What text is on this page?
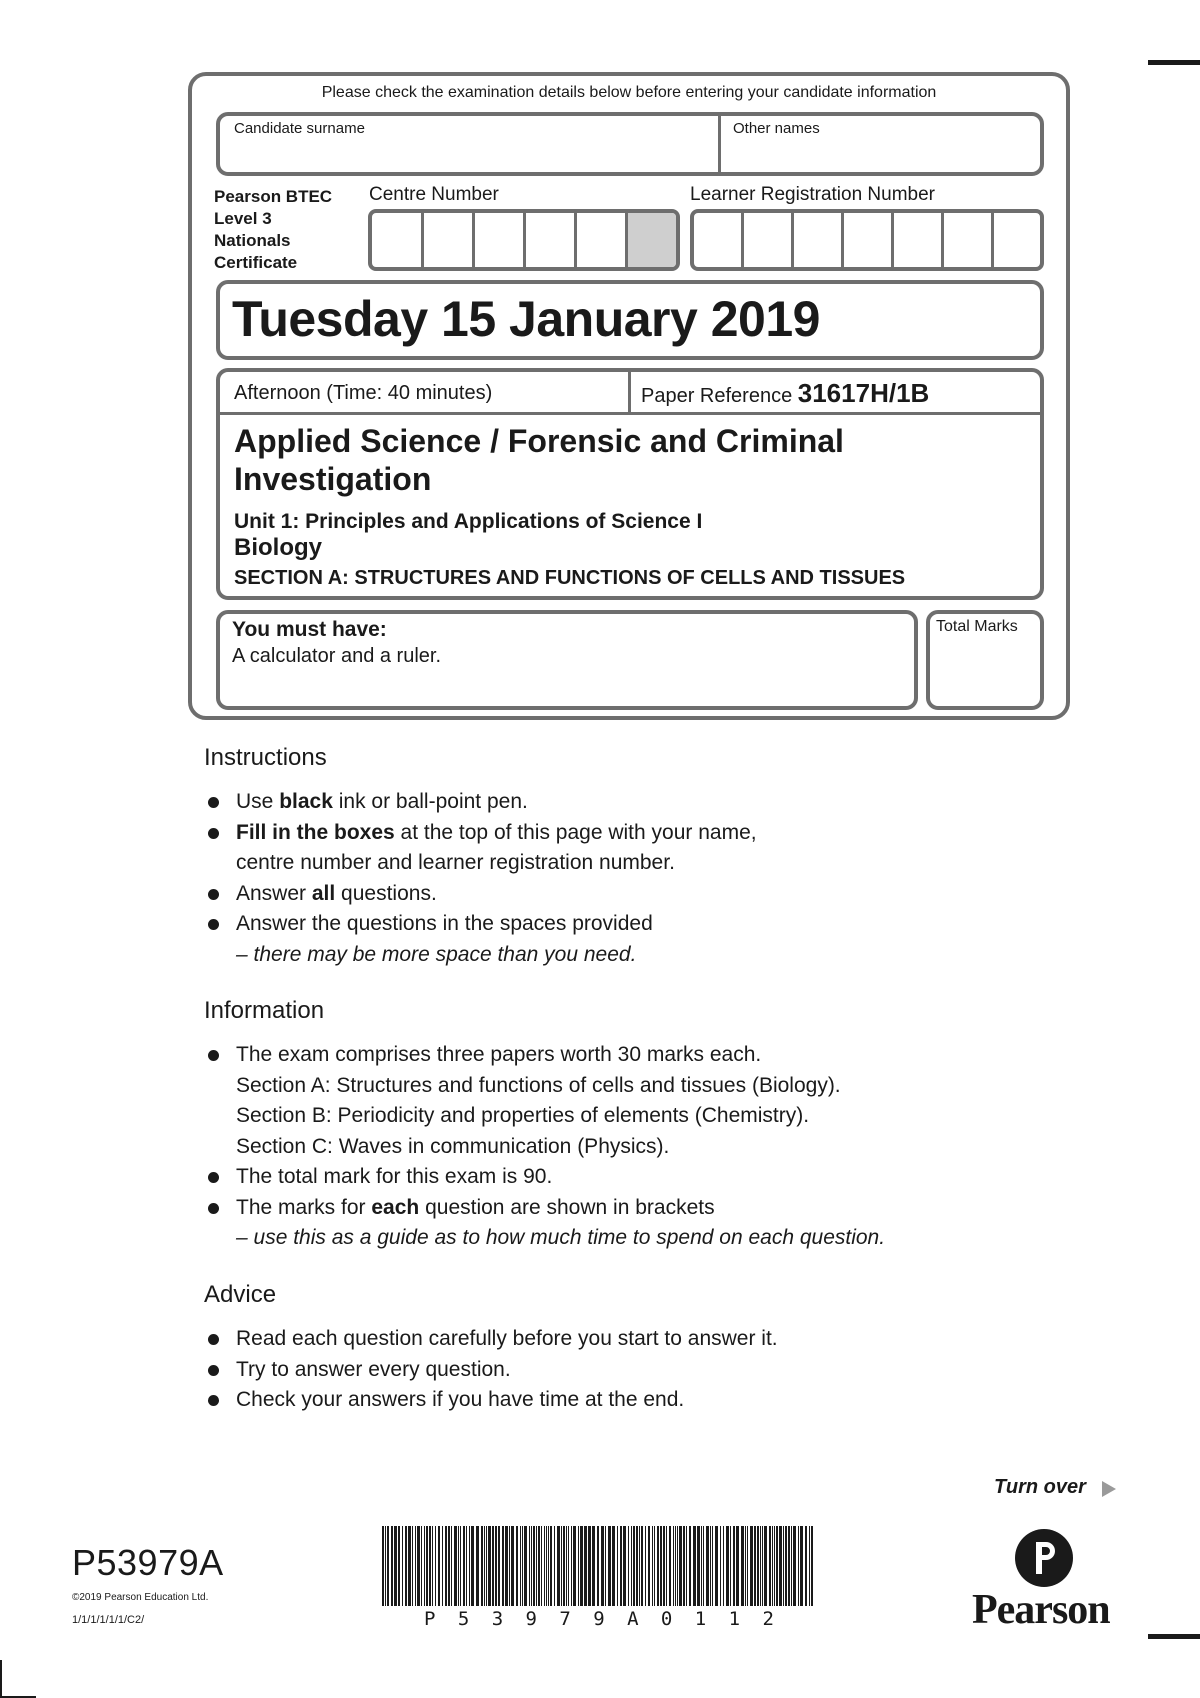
Please check the examination details below before entering your candidate information
Candidate surname	Other names
Pearson BTEC
Level 3
Nationals
Certificate
Centre Number	Learner Registration Number
Tuesday 15 January 2019
Afternoon (Time: 40 minutes)	Paper Reference 31617H/1B
Applied Science / Forensic and Criminal Investigation
Unit 1: Principles and Applications of Science I
Biology
SECTION A: STRUCTURES AND FUNCTIONS OF CELLS AND TISSUES
You must have:
A calculator and a ruler.
Total Marks
Instructions
Use black ink or ball-point pen.
Fill in the boxes at the top of this page with your name,
centre number and learner registration number.
Answer all questions.
Answer the questions in the spaces provided
– there may be more space than you need.
Information
The exam comprises three papers worth 30 marks each.
Section A: Structures and functions of cells and tissues (Biology).
Section B: Periodicity and properties of elements (Chemistry).
Section C: Waves in communication (Physics).
The total mark for this exam is 90.
The marks for each question are shown in brackets
– use this as a guide as to how much time to spend on each question.
Advice
Read each question carefully before you start to answer it.
Try to answer every question.
Check your answers if you have time at the end.
Turn over
P53979A
©2019 Pearson Education Ltd.
1/1/1/1/1/1/C2/	P 5 3 9 7 9 A 0 1 1 2	Pearson
